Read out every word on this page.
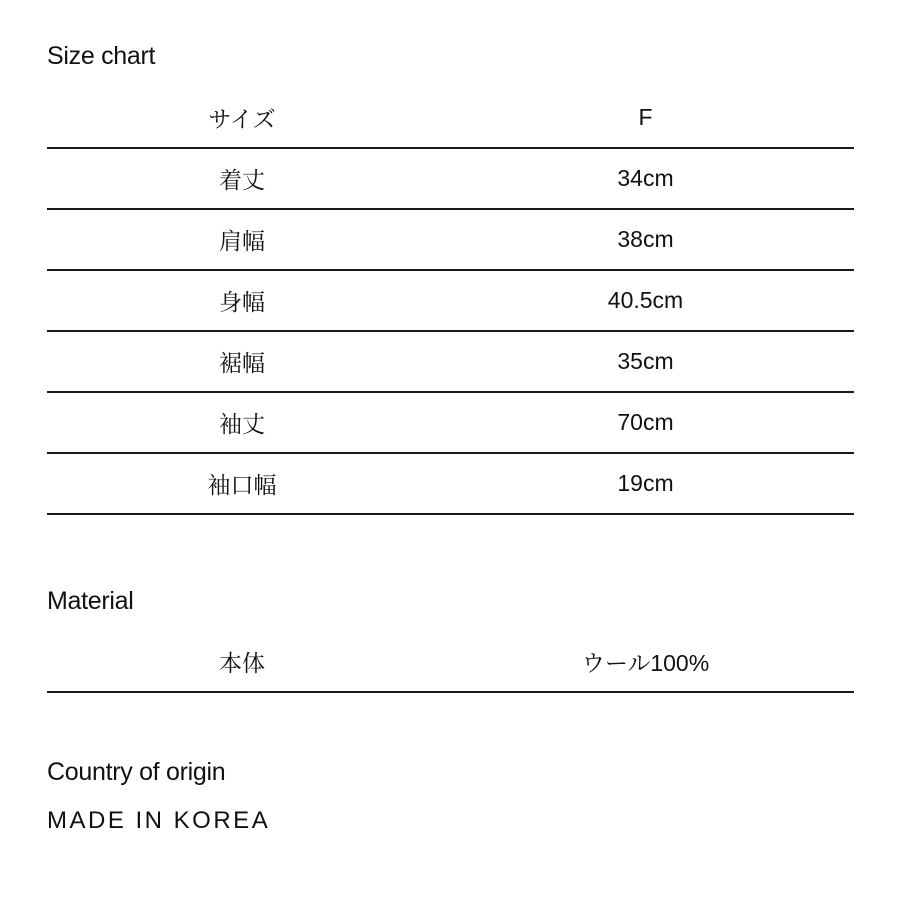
Size chart
サイズ	F
着丈	34cm
肩幅	38cm
身幅	40.5cm
裾幅	35cm
袖丈	70cm
袖口幅	19cm
Material
本体	ウール100%
Country of origin
MADE IN KOREA
